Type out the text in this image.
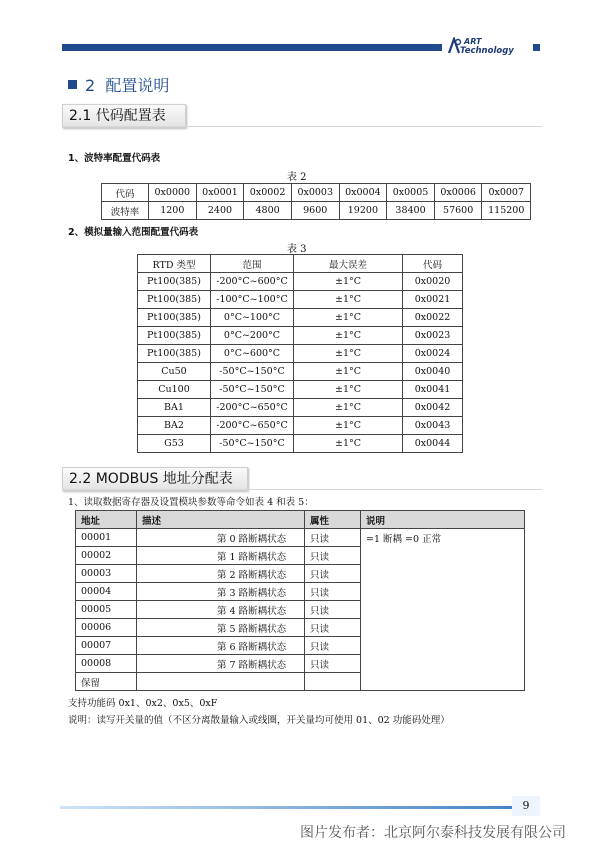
ART
Technology
2 配置说明
2.1 代码配置表
1、波特率配置代码表
表 2
代码	0x0000	0x0001	0x0002	0x0003	0x0004	0x0005	0x0006	0x0007
波特率	1200	2400	4800	9600	19200	38400	57600	115200
2、模拟量输入范围配置代码表
表 3
RTD 类型	范围	最大误差	代码
Pt100(385)	-200°C~600°C	±1°C	0x0020
Pt100(385)	-100°C~100°C	±1°C	0x0021
Pt100(385)	0°C~100°C	±1°C	0x0022
Pt100(385)	0°C~200°C	±1°C	0x0023
Pt100(385)	0°C~600°C	±1°C	0x0024
Cu50	-50°C~150°C	±1°C	0x0040
Cu100	-50°C~150°C	±1°C	0x0041
BA1	-200°C~650°C	±1°C	0x0042
BA2	-200°C~650°C	±1°C	0x0043
G53	-50°C~150°C	±1°C	0x0044
2.2 MODBUS 地址分配表
1、读取数据寄存器及设置模块参数等命令如表 4 和表 5：
地址	描述	属性	说明
00001	第 0 路断耦状态	只读	=1 断耦 =0 正常
00002	第 1 路断耦状态	只读	
00003	第 2 路断耦状态	只读	
00004	第 3 路断耦状态	只读	
00005	第 4 路断耦状态	只读	
00006	第 5 路断耦状态	只读	
00007	第 6 路断耦状态	只读	
00008	第 7 路断耦状态	只读	
保留			
支持功能码 0x1、0x2、0x5、0xF
说明：读写开关量的值（不区分离散量输入或线圈，开关量均可使用 01、02 功能码处理）
9
图片发布者：北京阿尔泰科技发展有限公司
